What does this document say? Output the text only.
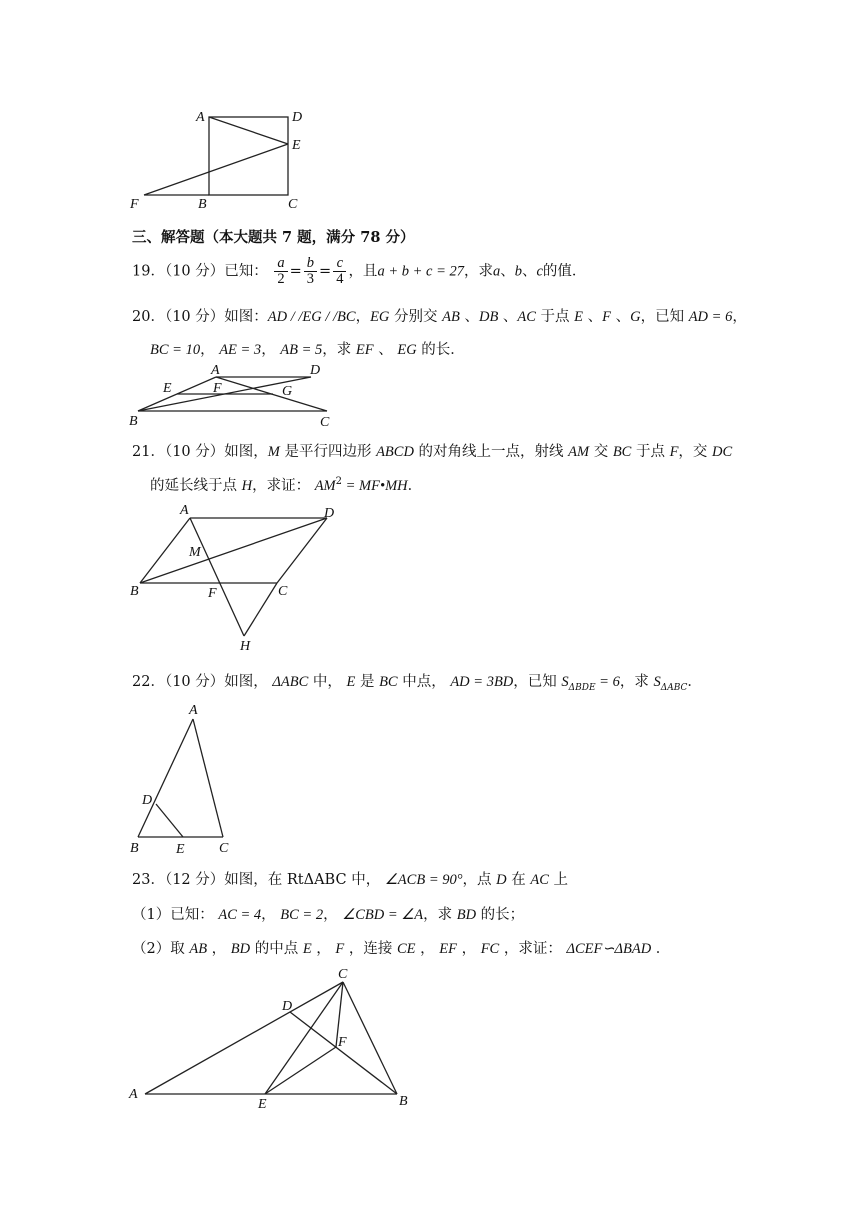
A	D
E
F	B	C
三、解答题（本大题共 7 题，满分 78 分）
19．（10 分）已知： $\frac{a}{2} = \frac{b}{3} = \frac{c}{4}$ ，且a + b + c = 27，求a、b、c的值．
20．（10 分）如图：AD / /EG / /BC，EG 分别交 AB 、DB 、AC 于点 E 、F 、G，已知 AD = 6，
BC = 10， AE = 3， AB = 5，求 EF 、 EG 的长．
A	D
E	F	G
B	C
21．（10 分）如图，M 是平行四边形 ABCD 的对角线上一点，射线 AM 交 BC 于点 F，交 DC
的延长线于点 H，求证： $AM^2$ = MF•MH．
A	D
M
B	F	C
H
22．（10 分）如图， ΔABC 中， E 是 BC 中点， AD = 3BD，已知 $S_{\Delta BDE} = 6$，求 $S_{\Delta ABC}$．
A
D
B	E C
23．（12 分）如图，在 RtΔABC 中， ∠ACB = 90°，点 D 在 AC 上
（1）已知： AC = 4， BC = 2， ∠CBD = ∠A，求 BD 的长；
（2）取 AB ， BD 的中点 E ， F ，连接 CE ， EF ， FC ，求证： ΔCEF∽ΔBAD ．
C
D
F
A
E	B
